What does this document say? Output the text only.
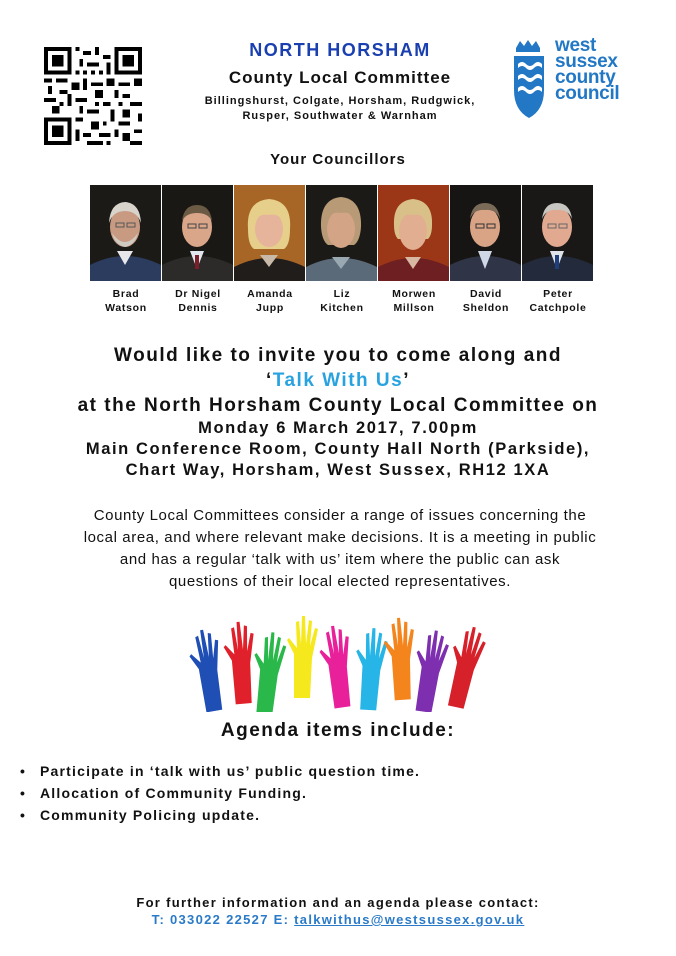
NORTH HORSHAM
County Local Committee
Billingshurst, Colgate, Horsham, Rudgwick,
Rusper, Southwater & Warnham
west
sussex
county
council
Your Councillors
Brad
Watson
Dr Nigel
Dennis
Amanda
Jupp
Liz
Kitchen
Morwen
Millson
David
Sheldon
Peter
Catchpole
Would like to invite you to come along and
‘Talk With Us’
at the North Horsham County Local Committee on
Monday 6 March 2017, 7.00pm
Main Conference Room, County Hall North (Parkside),
Chart Way, Horsham, West Sussex, RH12 1XA
County Local Committees consider a range of issues concerning the
local area, and where relevant make decisions. It is a meeting in public
and has a regular ‘talk with us’ item where the public can ask
questions of their local elected representatives.
Agenda items include:
• Participate in ‘talk with us’ public question time.
• Allocation of Community Funding.
• Community Policing update.
For further information and an agenda please contact:
T: 033022 22527 E: talkwithus@westsussex.gov.uk
